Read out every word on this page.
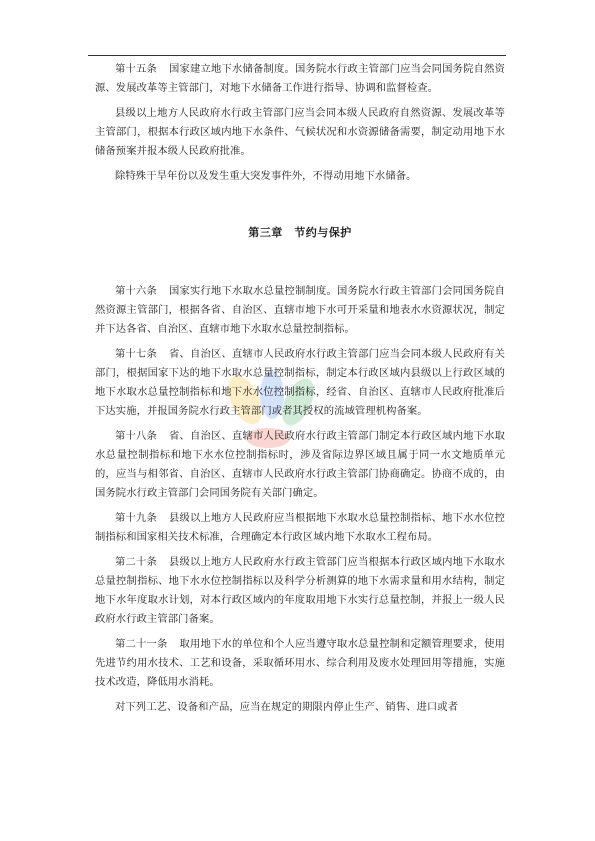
第十五条 国家建立地下水储备制度。国务院水行政主管部门应当会同国务院自然资源、发展改革等主管部门，对地下水储备工作进行指导、协调和监督检查。

县级以上地方人民政府水行政主管部门应当会同本级人民政府自然资源、发展改革等主管部门，根据本行政区域内地下水条件、气候状况和水资源储备需要，制定动用地下水储备预案并报本级人民政府批准。

除特殊干旱年份以及发生重大突发事件外，不得动用地下水储备。

第三章　节约与保护

第十六条 国家实行地下水取水总量控制制度。国务院水行政主管部门会同国务院自然资源主管部门，根据各省、自治区、直辖市地下水可开采量和地表水水资源状况，制定并下达各省、自治区、直辖市地下水取水总量控制指标。

第十七条 省、自治区、直辖市人民政府水行政主管部门应当会同本级人民政府有关部门，根据国家下达的地下水取水总量控制指标，制定本行政区域内县级以上行政区域的地下水取水总量控制指标和地下水水位控制指标，经省、自治区、直辖市人民政府批准后下达实施，并报国务院水行政主管部门或者其授权的流域管理机构备案。

第十八条 省、自治区、直辖市人民政府水行政主管部门制定本行政区域内地下水取水总量控制指标和地下水水位控制指标时，涉及省际边界区域且属于同一水文地质单元的，应当与相邻省、自治区、直辖市人民政府水行政主管部门协商确定。协商不成的，由国务院水行政主管部门会同国务院有关部门确定。

第十九条 县级以上地方人民政府应当根据地下水取水总量控制指标、地下水水位控制指标和国家相关技术标准，合理确定本行政区域内地下水取水工程布局。

第二十条 县级以上地方人民政府水行政主管部门应当根据本行政区域内地下水取水总量控制指标、地下水水位控制指标以及科学分析测算的地下水需求量和用水结构，制定地下水年度取水计划，对本行政区域内的年度取用地下水实行总量控制，并报上一级人民政府水行政主管部门备案。

第二十一条 取用地下水的单位和个人应当遵守取水总量控制和定额管理要求，使用先进节约用水技术、工艺和设备，采取循环用水、综合利用及废水处理回用等措施，实施技术改造，降低用水消耗。

对下列工艺、设备和产品，应当在规定的期限内停止生产、销售、进口或者
